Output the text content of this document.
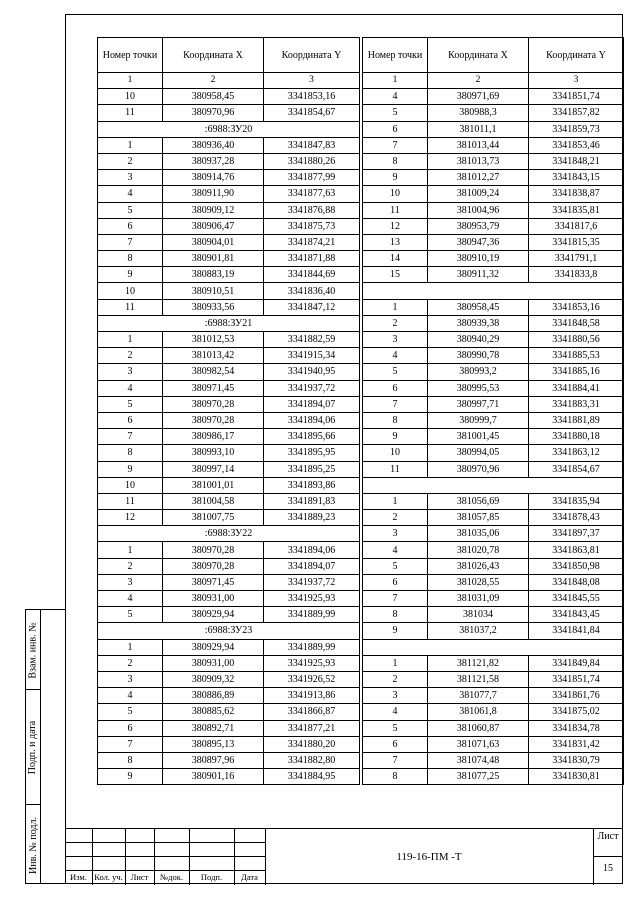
Взам. инв. №
Подп. и дата
Инв. № подл.
Номер точки	Координата X	Координата Y
1	2	3
10	380958,45	3341853,16
11	380970,96	3341854,67
:6988:ЗУ20		
1	380936,40	3341847,83
2	380937,28	3341880,26
3	380914,76	3341877,99
4	380911,90	3341877,63
5	380909,12	3341876,88
6	380906,47	3341875,73
7	380904,01	3341874,21
8	380901,81	3341871,88
9	380883,19	3341844,69
10	380910,51	3341836,40
11	380933,56	3341847,12
:6988:ЗУ21		
1	381012,53	3341882,59
2	381013,42	3341915,34
3	380982,54	3341940,95
4	380971,45	3341937,72
5	380970,28	3341894,07
6	380970,28	3341894,06
7	380986,17	3341895,66
8	380993,10	3341895,95
9	380997,14	3341895,25
10	381001,01	3341893,86
11	381004,58	3341891,83
12	381007,75	3341889,23
:6988:ЗУ22		
1	380970,28	3341894,06
2	380970,28	3341894,07
3	380971,45	3341937,72
4	380931,00	3341925,93
5	380929,94	3341889,99
:6988:ЗУ23		
1	380929,94	3341889,99
2	380931,00	3341925,93
3	380909,32	3341926,52
4	380886,89	3341913,86
5	380885,62	3341866,87
6	380892,71	3341877,21
7	380895,13	3341880,20
8	380897,96	3341882,80
9	380901,16	3341884,95
Номер точки	Координата X	Координата Y
1	2	3
4	380971,69	3341851,74
5	380988,3	3341857,82
6	381011,1	3341859,73
7	381013,44	3341853,46
8	381013,73	3341848,21
9	381012,27	3341843,15
10	381009,24	3341838,87
11	381004,96	3341835,81
12	380953,79	3341817,6
13	380947,36	3341815,35
14	380910,19	3341791,1
15	380911,32	3341833,8

1	380958,45	3341853,16
2	380939,38	3341848,58
3	380940,29	3341880,56
4	380990,78	3341885,53
5	380993,2	3341885,16
6	380995,53	3341884,41
7	380997,71	3341883,31
8	380999,7	3341881,89
9	381001,45	3341880,18
10	380994,05	3341863,12
11	380970,96	3341854,67

1	381056,69	3341835,94
2	381057,85	3341878,43
3	381035,06	3341897,37
4	381020,78	3341863,81
5	381026,43	3341850,98
6	381028,55	3341848,08
7	381031,09	3341845,55
8	381034	3341843,45
9	381037,2	3341841,84

1	381121,82	3341849,84
2	381121,58	3341851,74
3	381077,7	3341861,76
4	381061,8	3341875,02
5	381060,87	3341834,78
6	381071,63	3341831,42
7	381074,48	3341830,79
8	381077,25	3341830,81
Изм. Кол. уч. Лист	№док.	Подп.	Дата
119-16-ПМ -Т
Лист
15
